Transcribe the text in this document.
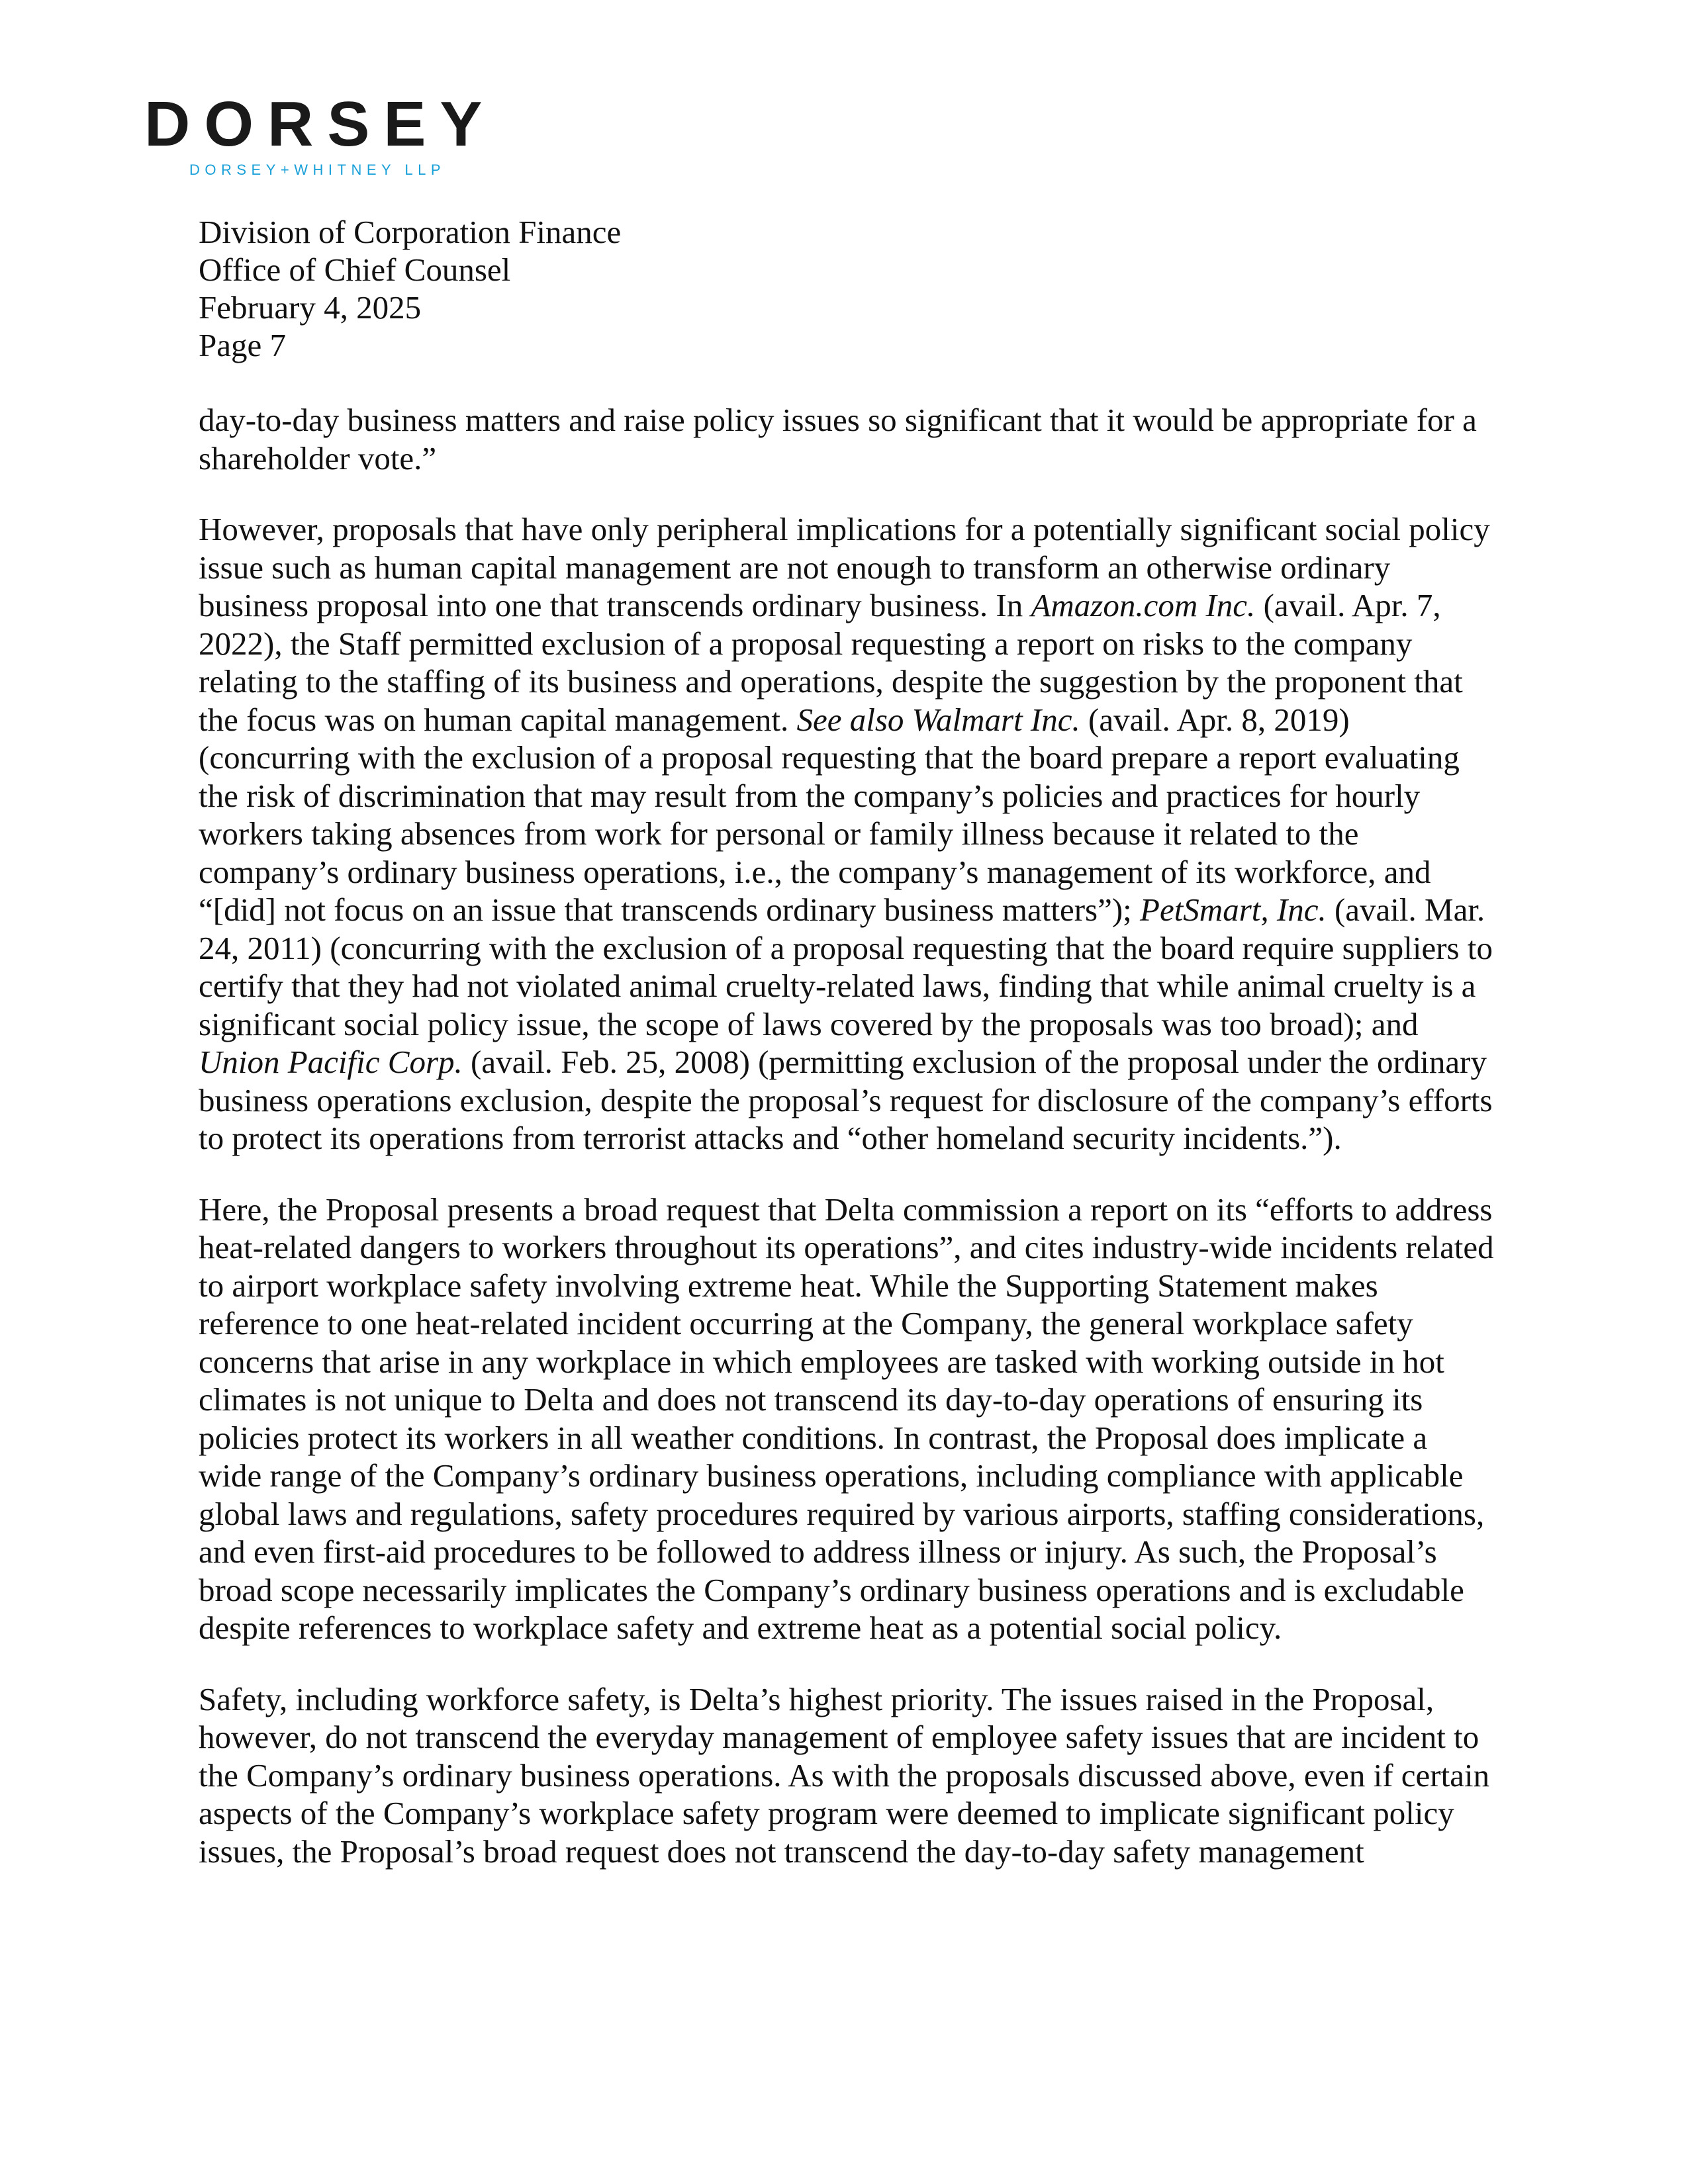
DORSEY
DORSEY+WHITNEY LLP
Division of Corporation Finance
Office of Chief Counsel
February 4, 2025
Page 7

day-to-day business matters and raise policy issues so significant that it would be appropriate for a shareholder vote.”

However, proposals that have only peripheral implications for a potentially significant social policy issue such as human capital management are not enough to transform an otherwise ordinary business proposal into one that transcends ordinary business. In Amazon.com Inc. (avail. Apr. 7, 2022), the Staff permitted exclusion of a proposal requesting a report on risks to the company relating to the staffing of its business and operations, despite the suggestion by the proponent that the focus was on human capital management. See also Walmart Inc. (avail. Apr. 8, 2019) (concurring with the exclusion of a proposal requesting that the board prepare a report evaluating the risk of discrimination that may result from the company’s policies and practices for hourly workers taking absences from work for personal or family illness because it related to the company’s ordinary business operations, i.e., the company’s management of its workforce, and “[did] not focus on an issue that transcends ordinary business matters”); PetSmart, Inc. (avail. Mar. 24, 2011) (concurring with the exclusion of a proposal requesting that the board require suppliers to certify that they had not violated animal cruelty-related laws, finding that while animal cruelty is a significant social policy issue, the scope of laws covered by the proposals was too broad); and Union Pacific Corp. (avail. Feb. 25, 2008) (permitting exclusion of the proposal under the ordinary business operations exclusion, despite the proposal’s request for disclosure of the company’s efforts to protect its operations from terrorist attacks and “other homeland security incidents.”).

Here, the Proposal presents a broad request that Delta commission a report on its “efforts to address heat-related dangers to workers throughout its operations”, and cites industry-wide incidents related to airport workplace safety involving extreme heat. While the Supporting Statement makes reference to one heat-related incident occurring at the Company, the general workplace safety concerns that arise in any workplace in which employees are tasked with working outside in hot climates is not unique to Delta and does not transcend its day-to-day operations of ensuring its policies protect its workers in all weather conditions. In contrast, the Proposal does implicate a wide range of the Company’s ordinary business operations, including compliance with applicable global laws and regulations, safety procedures required by various airports, staffing considerations, and even first-aid procedures to be followed to address illness or injury. As such, the Proposal’s broad scope necessarily implicates the Company’s ordinary business operations and is excludable despite references to workplace safety and extreme heat as a potential social policy.

Safety, including workforce safety, is Delta’s highest priority. The issues raised in the Proposal, however, do not transcend the everyday management of employee safety issues that are incident to the Company’s ordinary business operations. As with the proposals discussed above, even if certain aspects of the Company’s workplace safety program were deemed to implicate significant policy issues, the Proposal’s broad request does not transcend the day-to-day safety management
